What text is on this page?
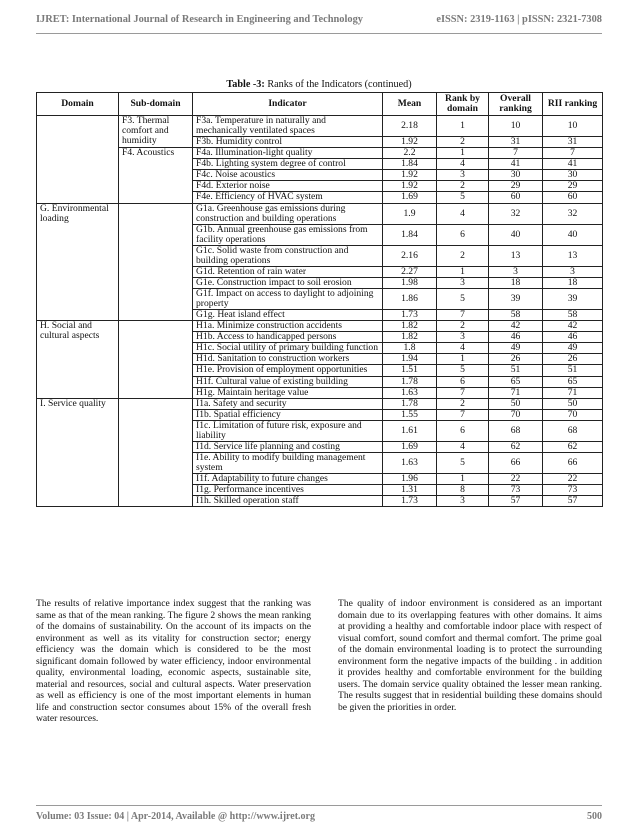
IJRET: International Journal of Research in Engineering and Technology	eISSN: 2319-1163 | pISSN: 2321-7308
Table -3: Ranks of the Indicators (continued)
Domain	Sub-domain	Indicator	Mean	Rank by domain	Overall ranking	RII ranking
	F3. Thermal comfort and humidity	F3a. Temperature in naturally and mechanically ventilated spaces	2.18	1	10	10
		F3b. Humidity control	1.92	2	31	31
	F4. Acoustics	F4a. Illumination-light quality	2.2	1	7	7
		F4b. Lighting system degree of control	1.84	4	41	41
		F4c. Noise acoustics	1.92	3	30	30
		F4d. Exterior noise	1.92	2	29	29
		F4e. Efficiency of HVAC system	1.69	5	60	60
G. Environmental loading		G1a. Greenhouse gas emissions during construction and building operations	1.9	4	32	32
		G1b. Annual greenhouse gas emissions from facility operations	1.84	6	40	40
		G1c. Solid waste from construction and building operations	2.16	2	13	13
		G1d. Retention of rain water	2.27	1	3	3
		G1e. Construction impact to soil erosion	1.98	3	18	18
		G1f. Impact on access to daylight to adjoining property	1.86	5	39	39
		G1g. Heat island effect	1.73	7	58	58
H. Social and cultural aspects		H1a. Minimize construction accidents	1.82	2	42	42
		H1b. Access to handicapped persons	1.82	3	46	46
		H1c. Social utility of primary building function	1.8	4	49	49
		H1d. Sanitation to construction workers	1.94	1	26	26
		H1e. Provision of employment opportunities	1.51	5	51	51
		H1f. Cultural value of existing building	1.78	6	65	65
		H1g. Maintain heritage value	1.63	7	71	71
I. Service quality		I1a. Safety and security	1.78	2	50	50
		I1b. Spatial efficiency	1.55	7	70	70
		I1c. Limitation of future risk, exposure and liability	1.61	6	68	68
		I1d. Service life planning and costing	1.69	4	62	62
		I1e. Ability to modify building management system	1.63	5	66	66
		I1f. Adaptability to future changes	1.96	1	22	22
		I1g. Performance incentives	1.31	8	73	73
		I1h. Skilled operation staff	1.73	3	57	57
The results of relative importance index suggest that the ranking was same as that of the mean ranking. The figure 2 shows the mean ranking of the domains of sustainability. On the account of its impacts on the environment as well as its vitality for construction sector; energy efficiency was the domain which is considered to be the most significant domain followed by water efficiency, indoor environmental quality, environmental loading, economic aspects, sustainable site, material and resources, social and cultural aspects. Water preservation as well as efficiency is one of the most important elements in human life and construction sector consumes about 15% of the overall fresh water resources.
The quality of indoor environment is considered as an important domain due to its overlapping features with other domains. It aims at providing a healthy and comfortable indoor place with respect of visual comfort, sound comfort and thermal comfort. The prime goal of the domain environmental loading is to protect the surrounding environment form the negative impacts of the building . in addition it provides healthy and comfortable environment for the building users. The domain service quality obtained the lesser mean ranking. The results suggest that in residential building these domains should be given the priorities in order.
Volume: 03 Issue: 04 | Apr-2014, Available @ http://www.ijret.org	500
